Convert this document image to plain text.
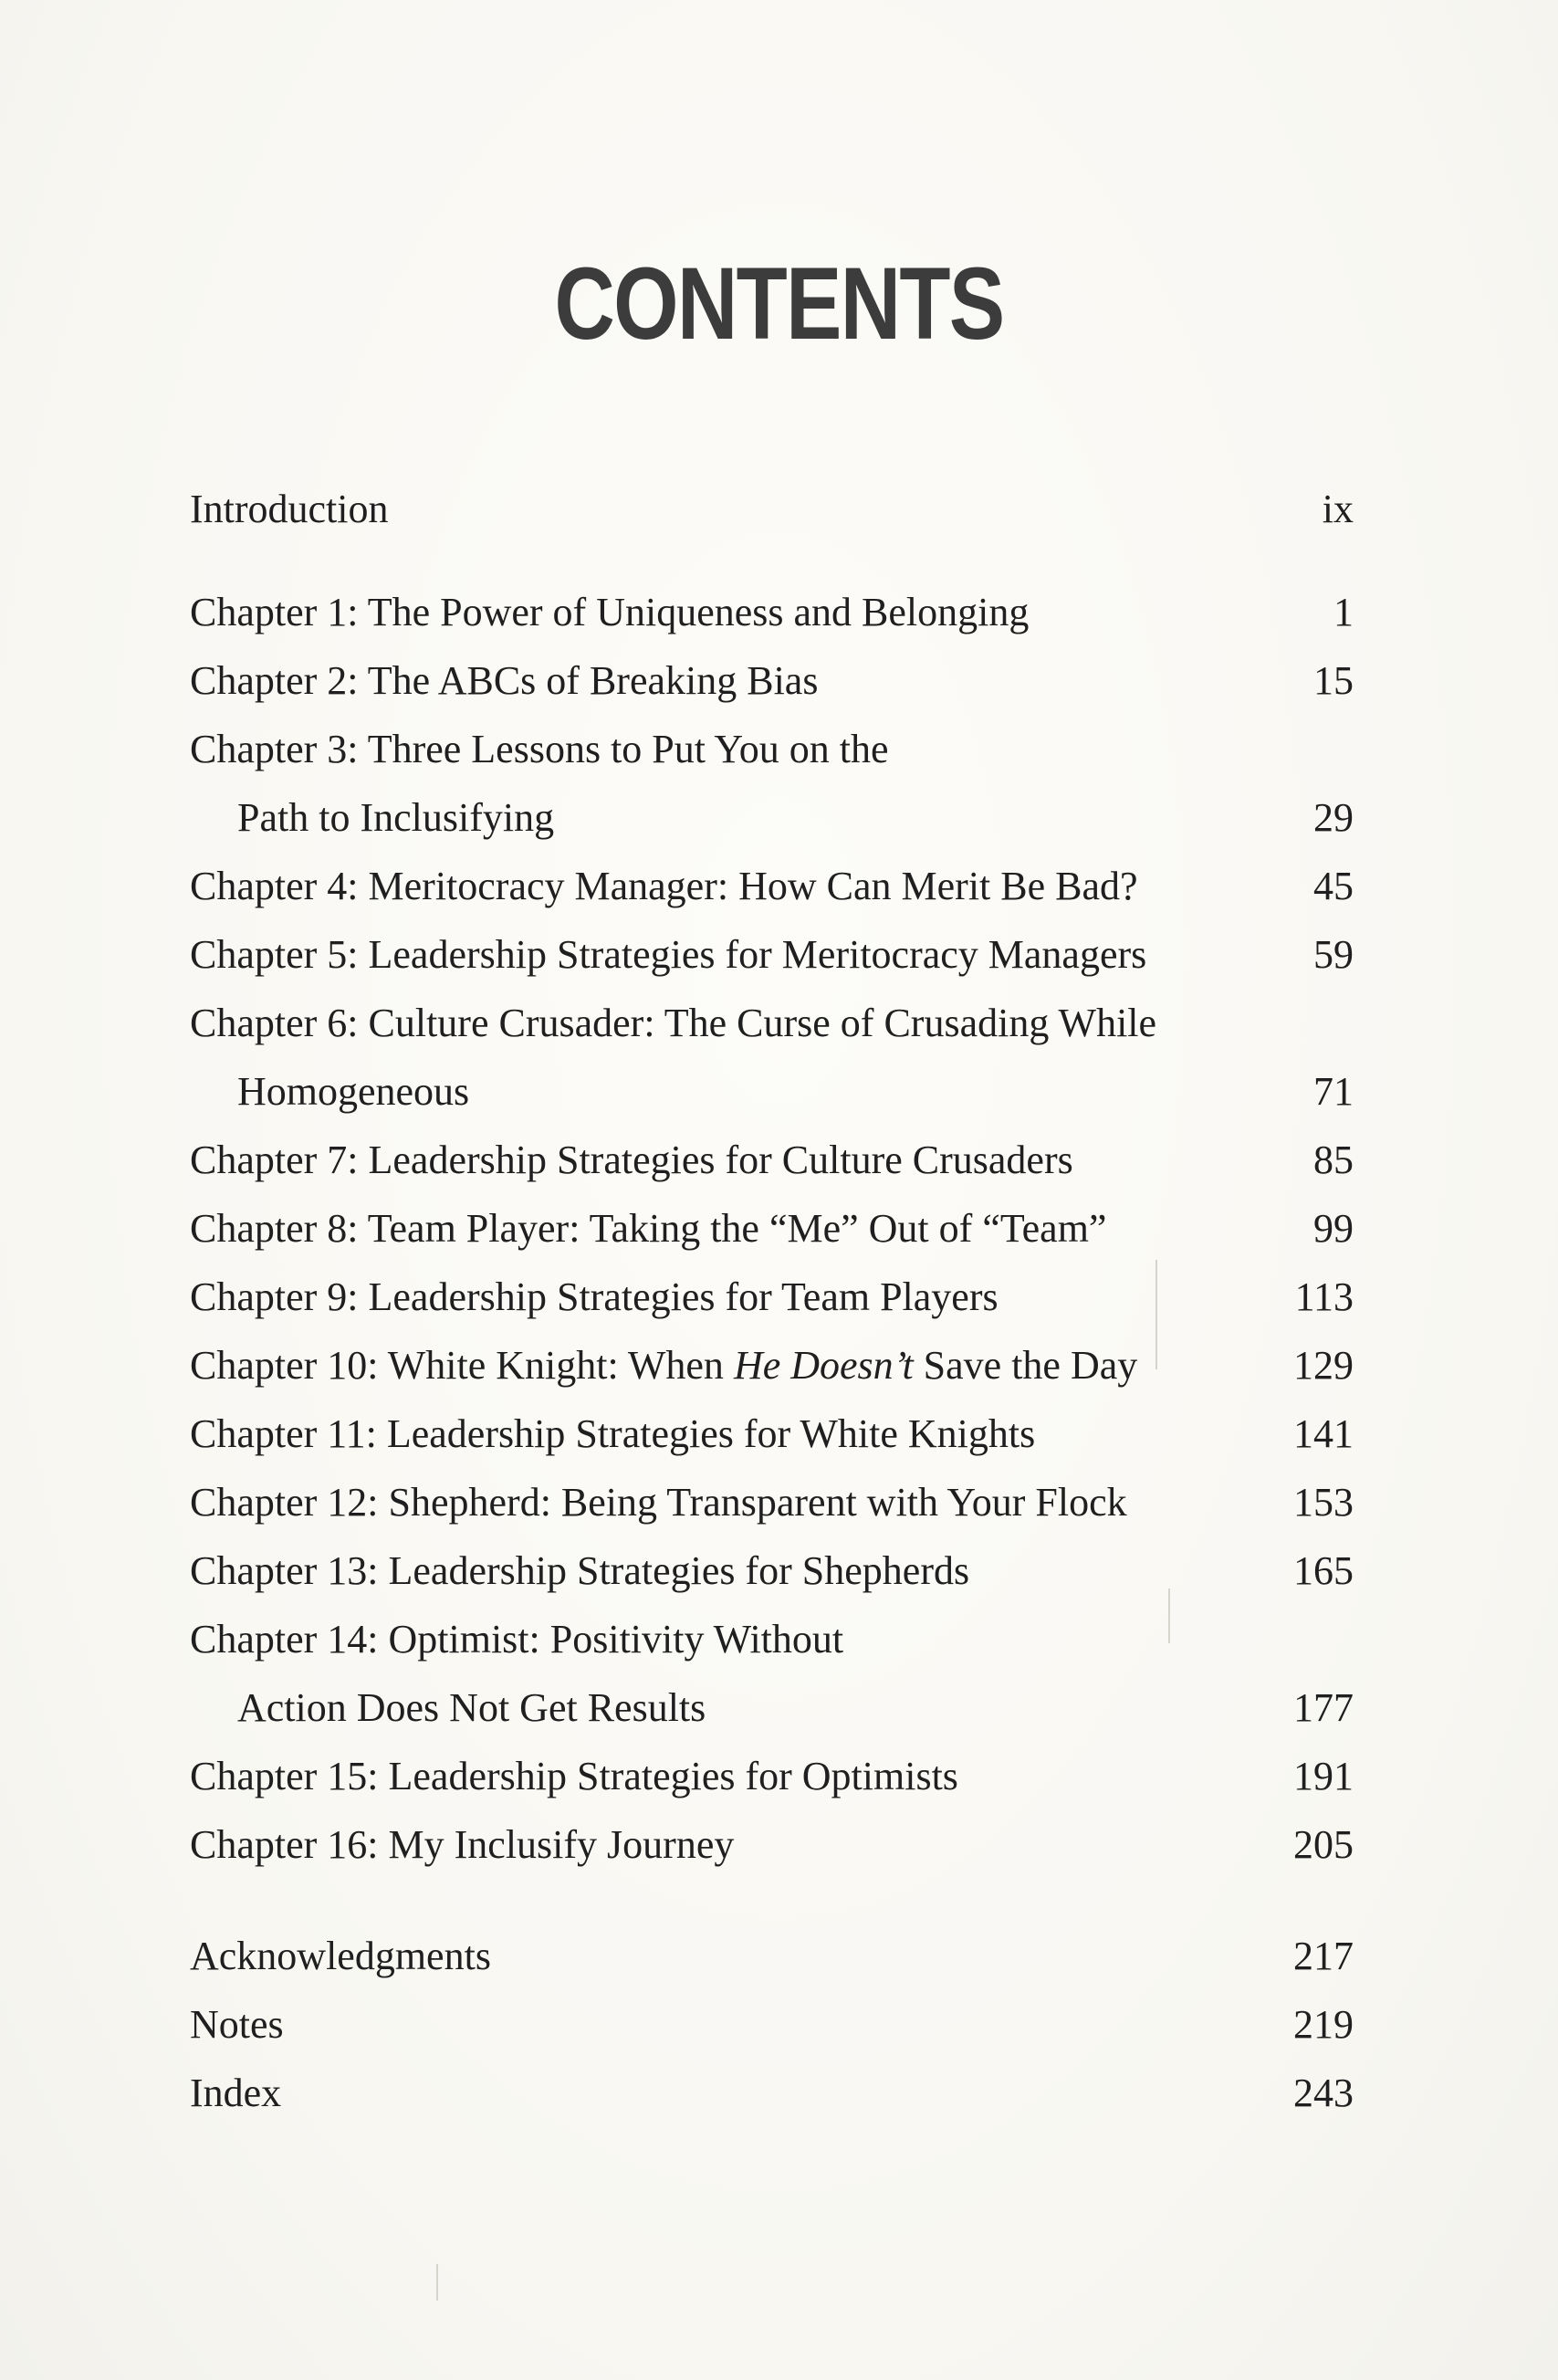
CONTENTS
Introduction	ix
Chapter 1: The Power of Uniqueness and Belonging	1
Chapter 2: The ABCs of Breaking Bias	15
Chapter 3: Three Lessons to Put You on the
Path to Inclusifying	29
Chapter 4: Meritocracy Manager: How Can Merit Be Bad?	45
Chapter 5: Leadership Strategies for Meritocracy Managers	59
Chapter 6: Culture Crusader: The Curse of Crusading While
Homogeneous	71
Chapter 7: Leadership Strategies for Culture Crusaders	85
Chapter 8: Team Player: Taking the “Me” Out of “Team”	99
Chapter 9: Leadership Strategies for Team Players	113
Chapter 10: White Knight: When He Doesn’t Save the Day	129
Chapter 11: Leadership Strategies for White Knights	141
Chapter 12: Shepherd: Being Transparent with Your Flock	153
Chapter 13: Leadership Strategies for Shepherds	165
Chapter 14: Optimist: Positivity Without
Action Does Not Get Results	177
Chapter 15: Leadership Strategies for Optimists	191
Chapter 16: My Inclusify Journey	205
Acknowledgments	217
Notes	219
Index	243
